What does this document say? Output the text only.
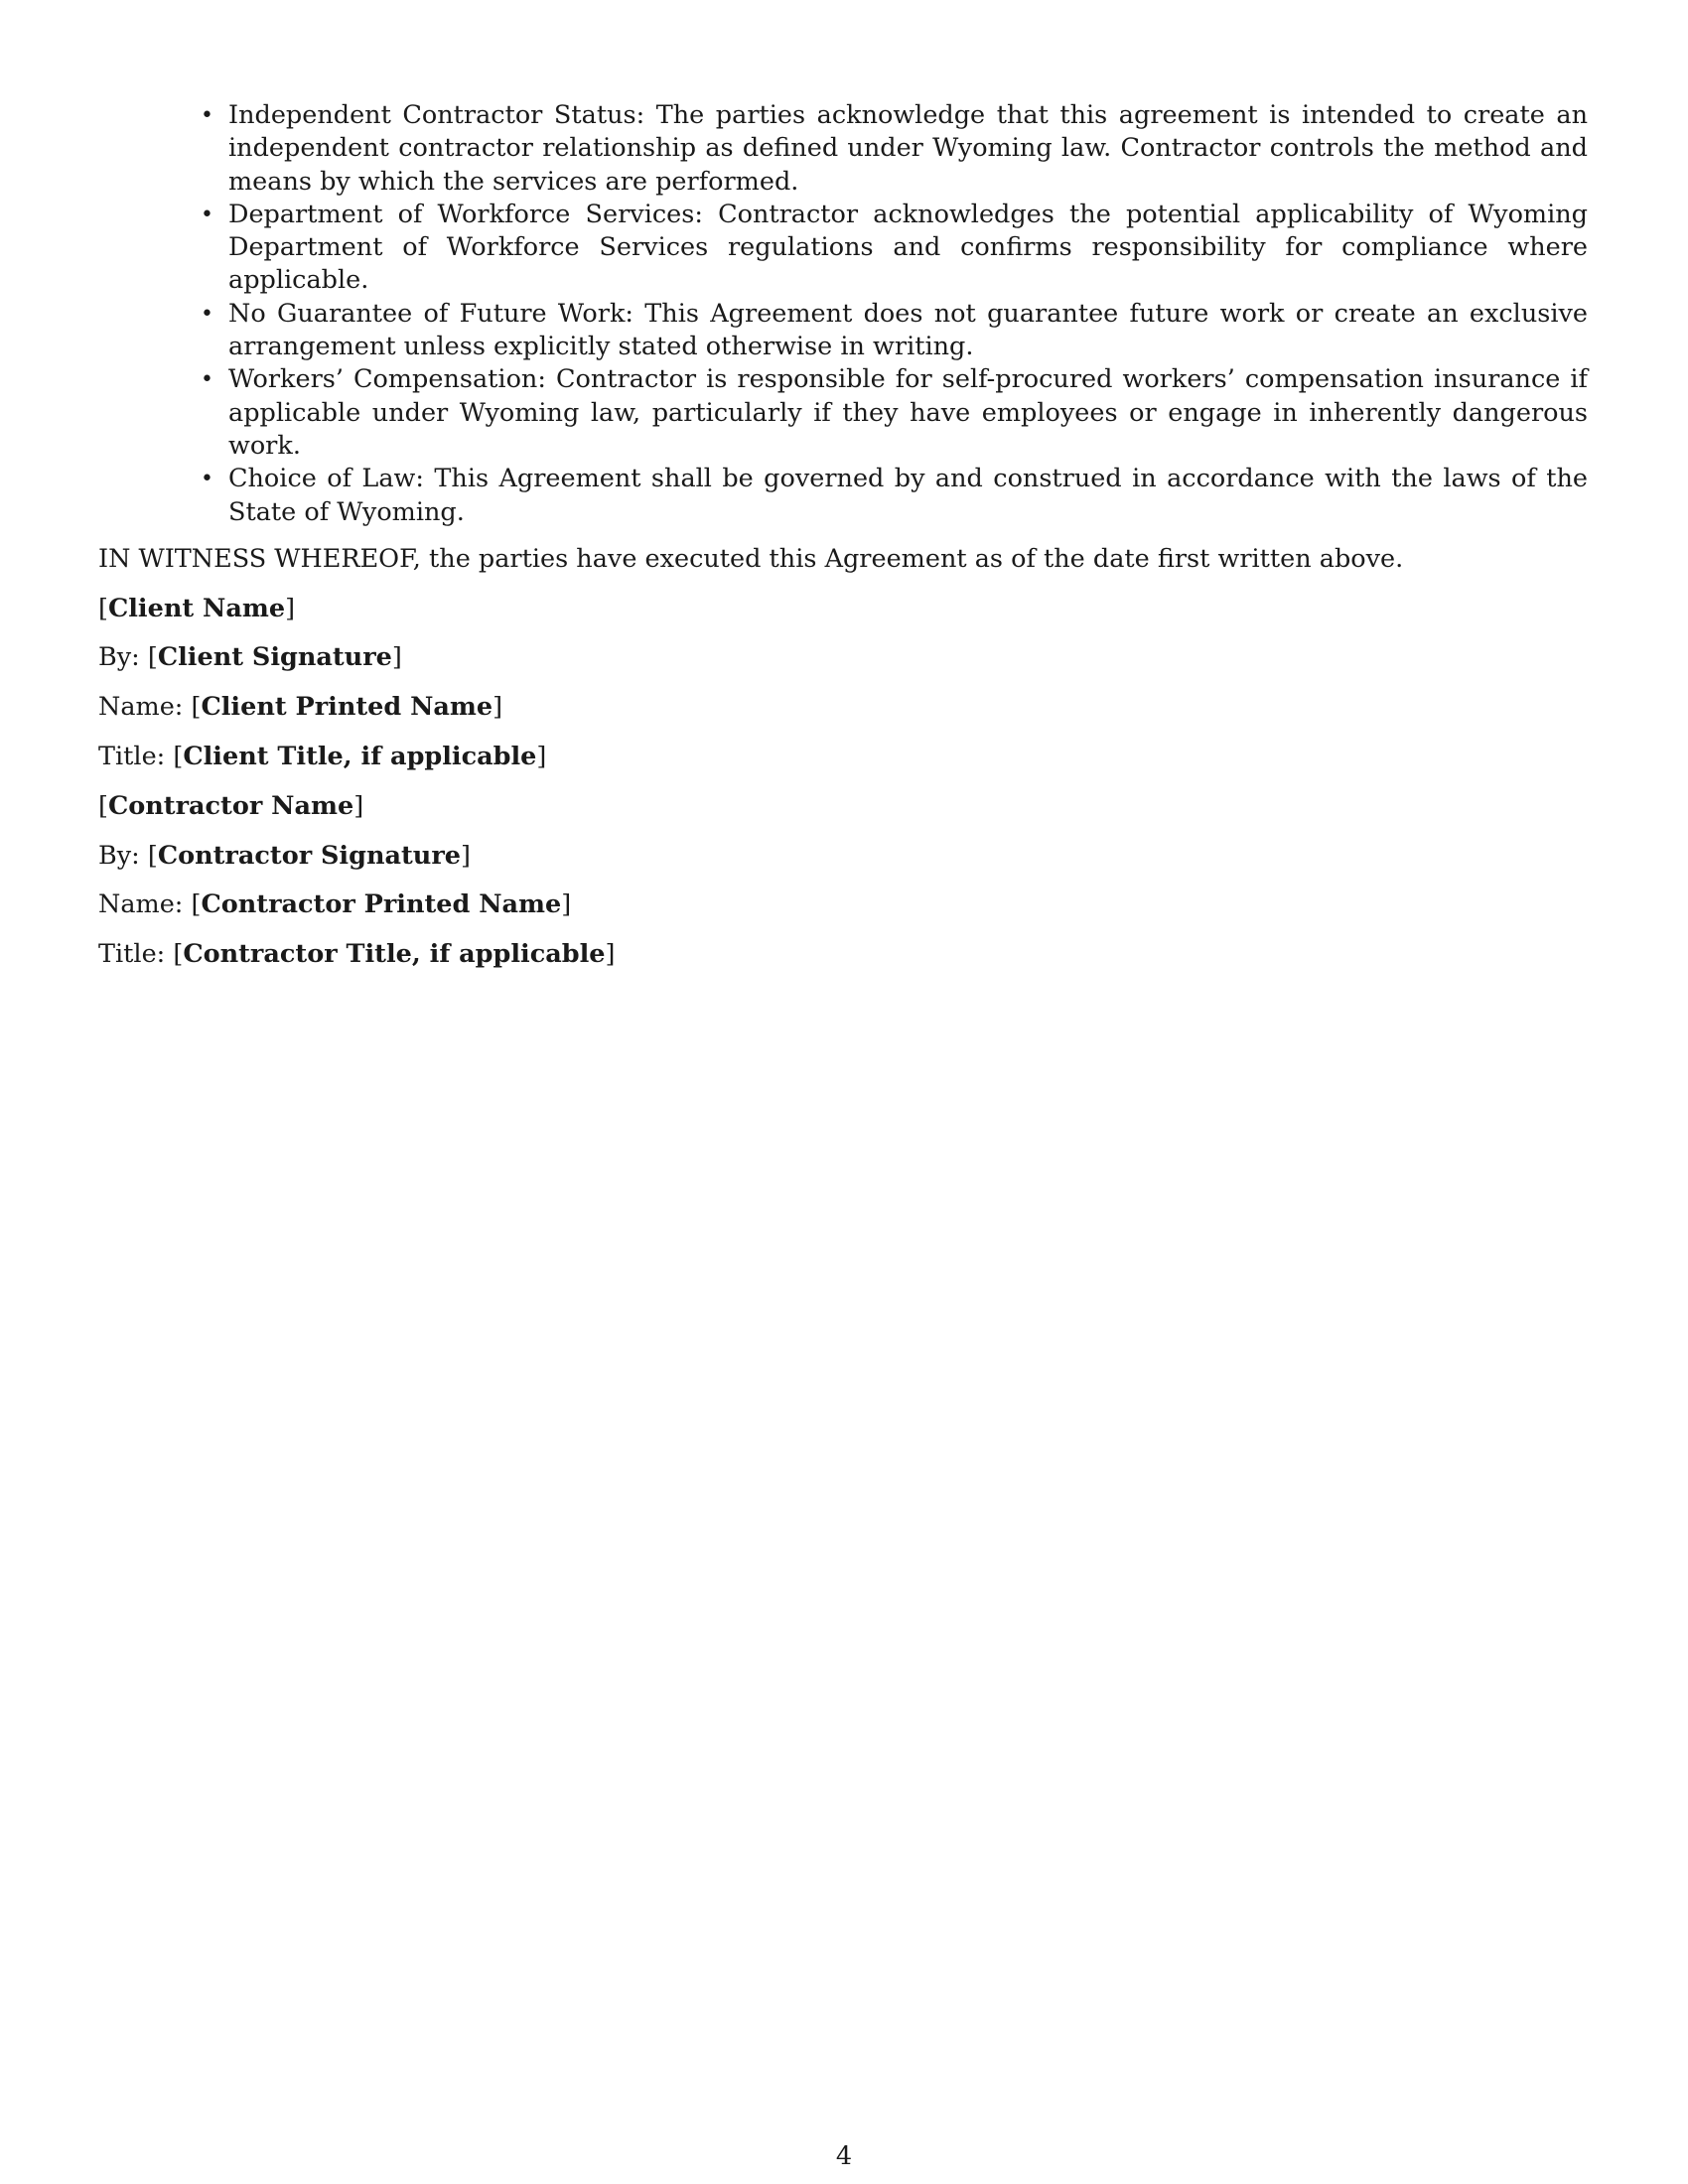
• Independent Contractor Status: The parties acknowledge that this agreement is intended to create an independent contractor relationship as defined under Wyoming law. Contractor controls the method and means by which the services are performed.
• Department of Workforce Services: Contractor acknowledges the potential applicability of Wyoming Department of Workforce Services regulations and confirms responsibility for compliance where applicable.
• No Guarantee of Future Work: This Agreement does not guarantee future work or create an exclusive arrangement unless explicitly stated otherwise in writing.
• Workers’ Compensation: Contractor is responsible for self-procured workers’ compensation insurance if applicable under Wyoming law, particularly if they have employees or engage in inherently dangerous work.
• Choice of Law: This Agreement shall be governed by and construed in accordance with the laws of the State of Wyoming.
IN WITNESS WHEREOF, the parties have executed this Agreement as of the date first written above.
[Client Name]
By: [Client Signature]
Name: [Client Printed Name]
Title: [Client Title, if applicable]
[Contractor Name]
By: [Contractor Signature]
Name: [Contractor Printed Name]
Title: [Contractor Title, if applicable]
4
